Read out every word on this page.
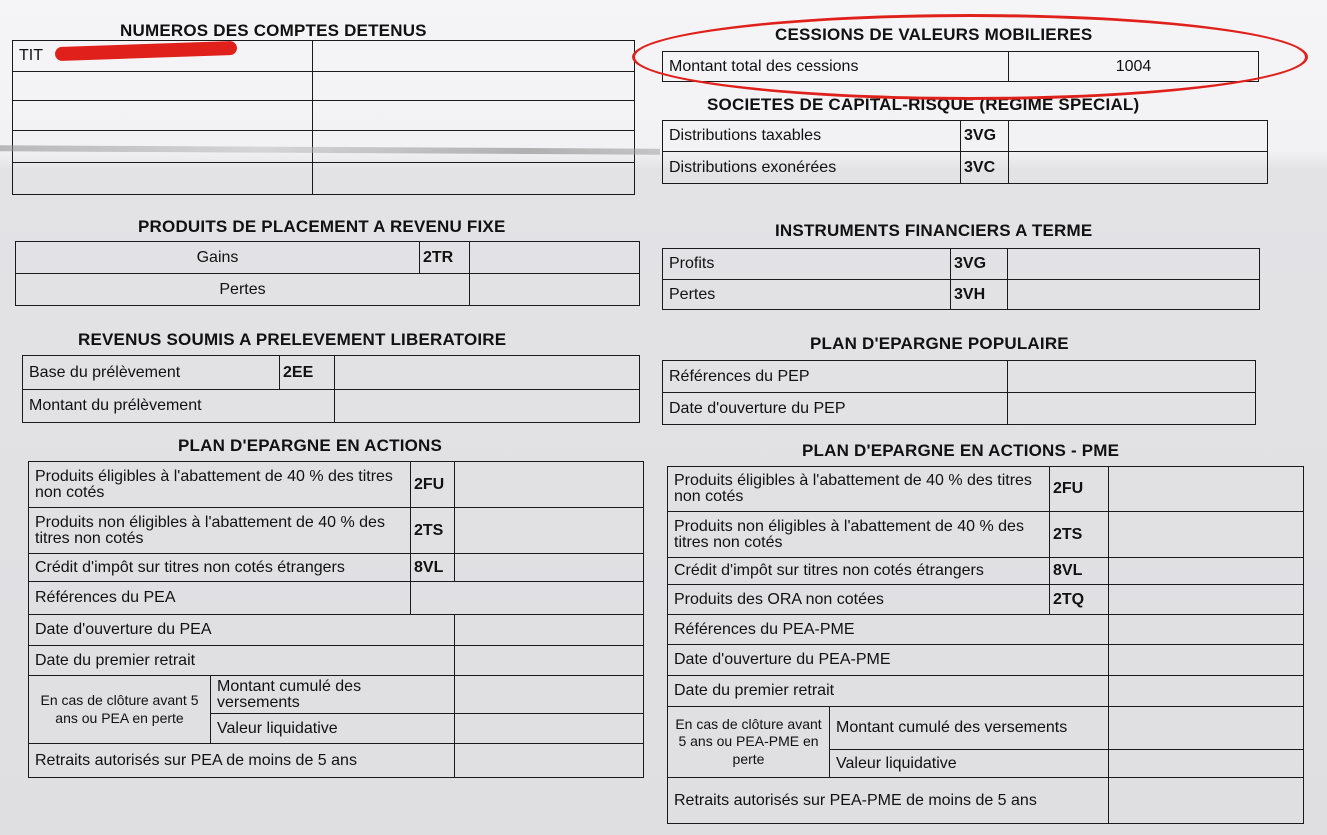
NUMEROS DES COMPTES DETENUS
TIT	

CESSIONS DE VALEURS MOBILIERES
Montant total des cessions	1004
SOCIETES DE CAPITAL-RISQUE (REGIME SPECIAL)
Distributions taxables	3VG	
Distributions exonérées	3VC	
PRODUITS DE PLACEMENT A REVENU FIXE
Gains	2TR	
Pertes		
INSTRUMENTS FINANCIERS A TERME
Profits	3VG	
Pertes	3VH	
REVENUS SOUMIS A PRELEVEMENT LIBERATOIRE
Base du prélèvement	2EE	
Montant du prélèvement		
PLAN D'EPARGNE POPULAIRE
Références du PEP	
Date d'ouverture du PEP	
PLAN D'EPARGNE EN ACTIONS
Produits éligibles à l'abattement de 40 % des titres non cotés		2FU	
Produits non éligibles à l'abattement de 40 % des titres non cotés		2TS	
Crédit d'impôt sur titres non cotés étrangers		8VL	
Références du PEA			
Date d'ouverture du PEA			
Date du premier retrait			
En cas de clôture avant 5 ans ou PEA en perte	Montant cumulé des versements		
	Valeur liquidative		
Retraits autorisés sur PEA de moins de 5 ans			
PLAN D'EPARGNE EN ACTIONS - PME
Produits éligibles à l'abattement de 40 % des titres non cotés		2FU	
Produits non éligibles à l'abattement de 40 % des titres non cotés		2TS	
Crédit d'impôt sur titres non cotés étrangers		8VL	
Produits des ORA non cotées		2TQ	
Références du PEA-PME			
Date d'ouverture du PEA-PME			
Date du premier retrait			
En cas de clôture avant 5 ans ou PEA-PME en perte	Montant cumulé des versements		
	Valeur liquidative		
Retraits autorisés sur PEA-PME de moins de 5 ans			
